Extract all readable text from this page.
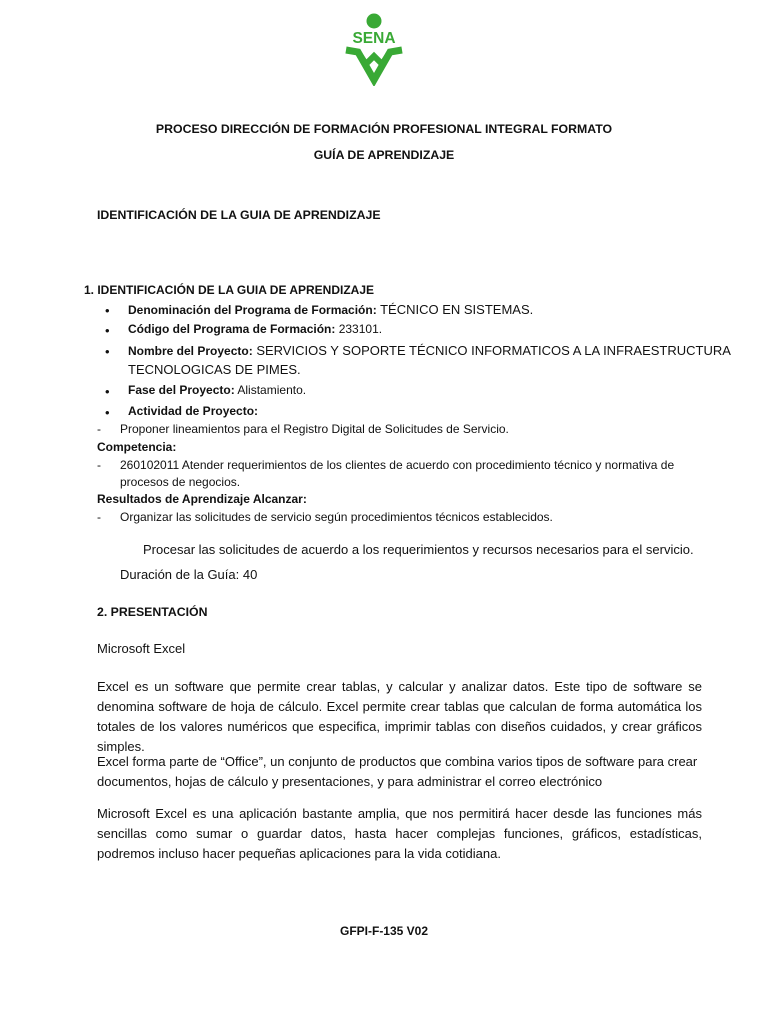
SENA
PROCESO DIRECCIÓN DE FORMACIÓN PROFESIONAL INTEGRAL FORMATO
GUÍA DE APRENDIZAJE
IDENTIFICACIÓN DE LA GUIA DE APRENDIZAJE
1. IDENTIFICACIÓN DE LA GUIA DE APRENDIZAJE
• Denominación del Programa de Formación: TÉCNICO EN SISTEMAS.
• Código del Programa de Formación: 233101.
• Nombre del Proyecto: SERVICIOS Y SOPORTE TÉCNICO INFORMATICOS A LA INFRAESTRUCTURA
TECNOLOGICAS DE PIMES.
• Fase del Proyecto: Alistamiento.
• Actividad de Proyecto:
- Proponer lineamientos para el Registro Digital de Solicitudes de Servicio.
Competencia:
- 260102011 Atender requerimientos de los clientes de acuerdo con procedimiento técnico y normativa de
procesos de negocios.
Resultados de Aprendizaje Alcanzar:
- Organizar las solicitudes de servicio según procedimientos técnicos establecidos.
Procesar las solicitudes de acuerdo a los requerimientos y recursos necesarios para el servicio.
Duración de la Guía: 40
2. PRESENTACIÓN
Microsoft Excel
Excel es un software que permite crear tablas, y calcular y analizar datos. Este tipo de software se denomina software de hoja de cálculo. Excel permite crear tablas que calculan de forma automática los totales de los valores numéricos que especifica, imprimir tablas con diseños cuidados, y crear gráficos simples.
Excel forma parte de “Office”, un conjunto de productos que combina varios tipos de software para crear documentos, hojas de cálculo y presentaciones, y para administrar el correo electrónico
Microsoft Excel es una aplicación bastante amplia, que nos permitirá hacer desde las funciones más sencillas como sumar o guardar datos, hasta hacer complejas funciones, gráficos, estadísticas, podremos incluso hacer pequeñas aplicaciones para la vida cotidiana.
GFPI-F-135 V02
